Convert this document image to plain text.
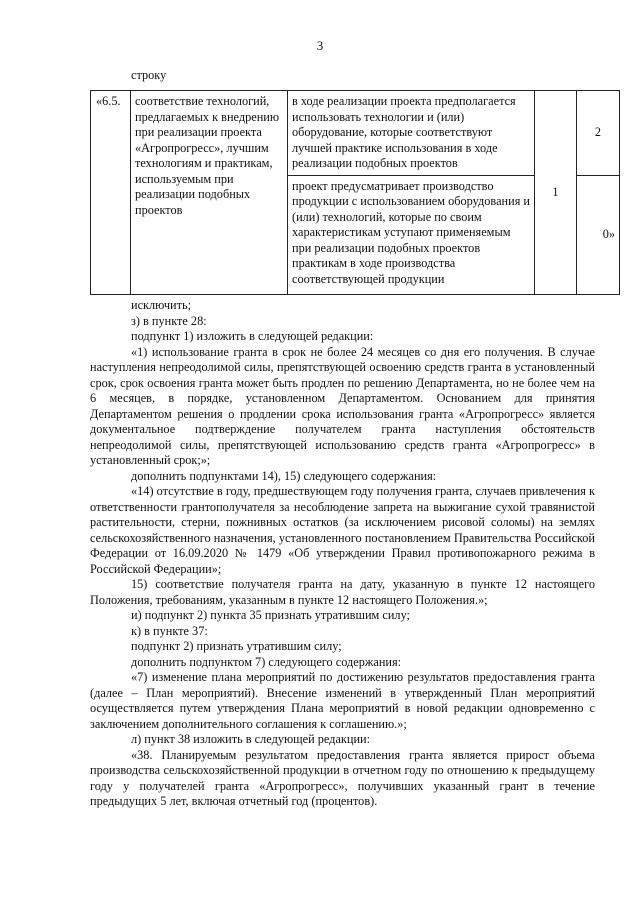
3
строку
«6.5.	соответствие технологий, предлагаемых к внедрению при реализации проекта «Агропрогресс», лучшим технологиям и практикам, используемым при реализации подобных проектов	в ходе реализации проекта предполагается использовать технологии и (или) оборудование, которые соответствуют лучшей практике использования в ходе реализации подобных проектов	1	2
		проект предусматривает производство продукции с использованием оборудования и (или) технологий, которые по своим характеристикам уступают применяемым при реализации подобных проектов практикам в ходе производства соответствующей продукции		0»

исключить;

з) в пункте 28:

подпункт 1) изложить в следующей редакции:

«1) использование гранта в срок не более 24 месяцев со дня его получения. В случае наступления непреодолимой силы, препятствующей освоению средств гранта в установленный срок, срок освоения гранта может быть продлен по решению Департамента, но не более чем на 6 месяцев, в порядке, установленном Департаментом. Основанием для принятия Департаментом решения о продлении срока использования гранта «Агропрогресс» является документальное подтверждение получателем гранта наступления обстоятельств непреодолимой силы, препятствующей использованию средств гранта «Агропрогресс» в установленный срок;»;

дополнить подпунктами 14), 15) следующего содержания:

«14) отсутствие в году, предшествующем году получения гранта, случаев привлечения к ответственности грантополучателя за несоблюдение запрета на выжигание сухой травянистой растительности, стерни, пожнивных остатков (за исключением рисовой соломы) на землях сельскохозяйственного назначения, установленного постановлением Правительства Российской Федерации от 16.09.2020 № 1479 «Об утверждении Правил противопожарного режима в Российской Федерации»;

15) соответствие получателя гранта на дату, указанную в пункте 12 настоящего Положения, требованиям, указанным в пункте 12 настоящего Положения.»;

и) подпункт 2) пункта 35 признать утратившим силу;

к) в пункте 37:

подпункт 2) признать утратившим силу;

дополнить подпунктом 7) следующего содержания:

«7) изменение плана мероприятий по достижению результатов предоставления гранта (далее – План мероприятий). Внесение изменений в утвержденный План мероприятий осуществляется путем утверждения Плана мероприятий в новой редакции одновременно с заключением дополнительного соглашения к соглашению.»;

л) пункт 38 изложить в следующей редакции:

«38. Планируемым результатом предоставления гранта является прирост объема производства сельскохозяйственной продукции в отчетном году по отношению к предыдущему году у получателей гранта «Агропрогресс», получивших указанный грант в течение предыдущих 5 лет, включая отчетный год (процентов).
